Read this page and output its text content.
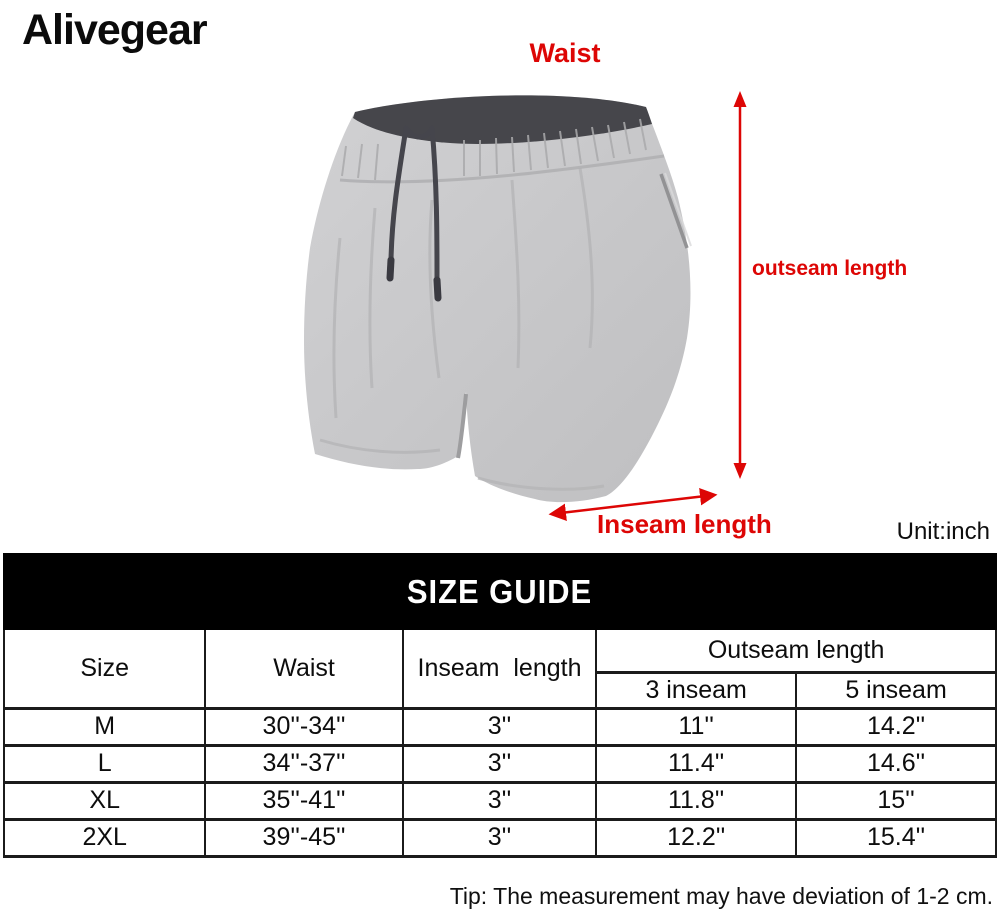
Alivegear	Waist
outseam length
Inseam length	Unit:inch
SIZE GUIDE
Size	Waist	Inseam  length	Outseam length	
			3 inseam	5 inseam
M	30''-34''	3''	11''	14.2''
L	34''-37''	3''	11.4''	14.6''
XL	35''-41''	3''	11.8''	15''
2XL	39''-45''	3''	12.2''	15.4''
Tip: The measurement may have deviation of 1-2 cm.
